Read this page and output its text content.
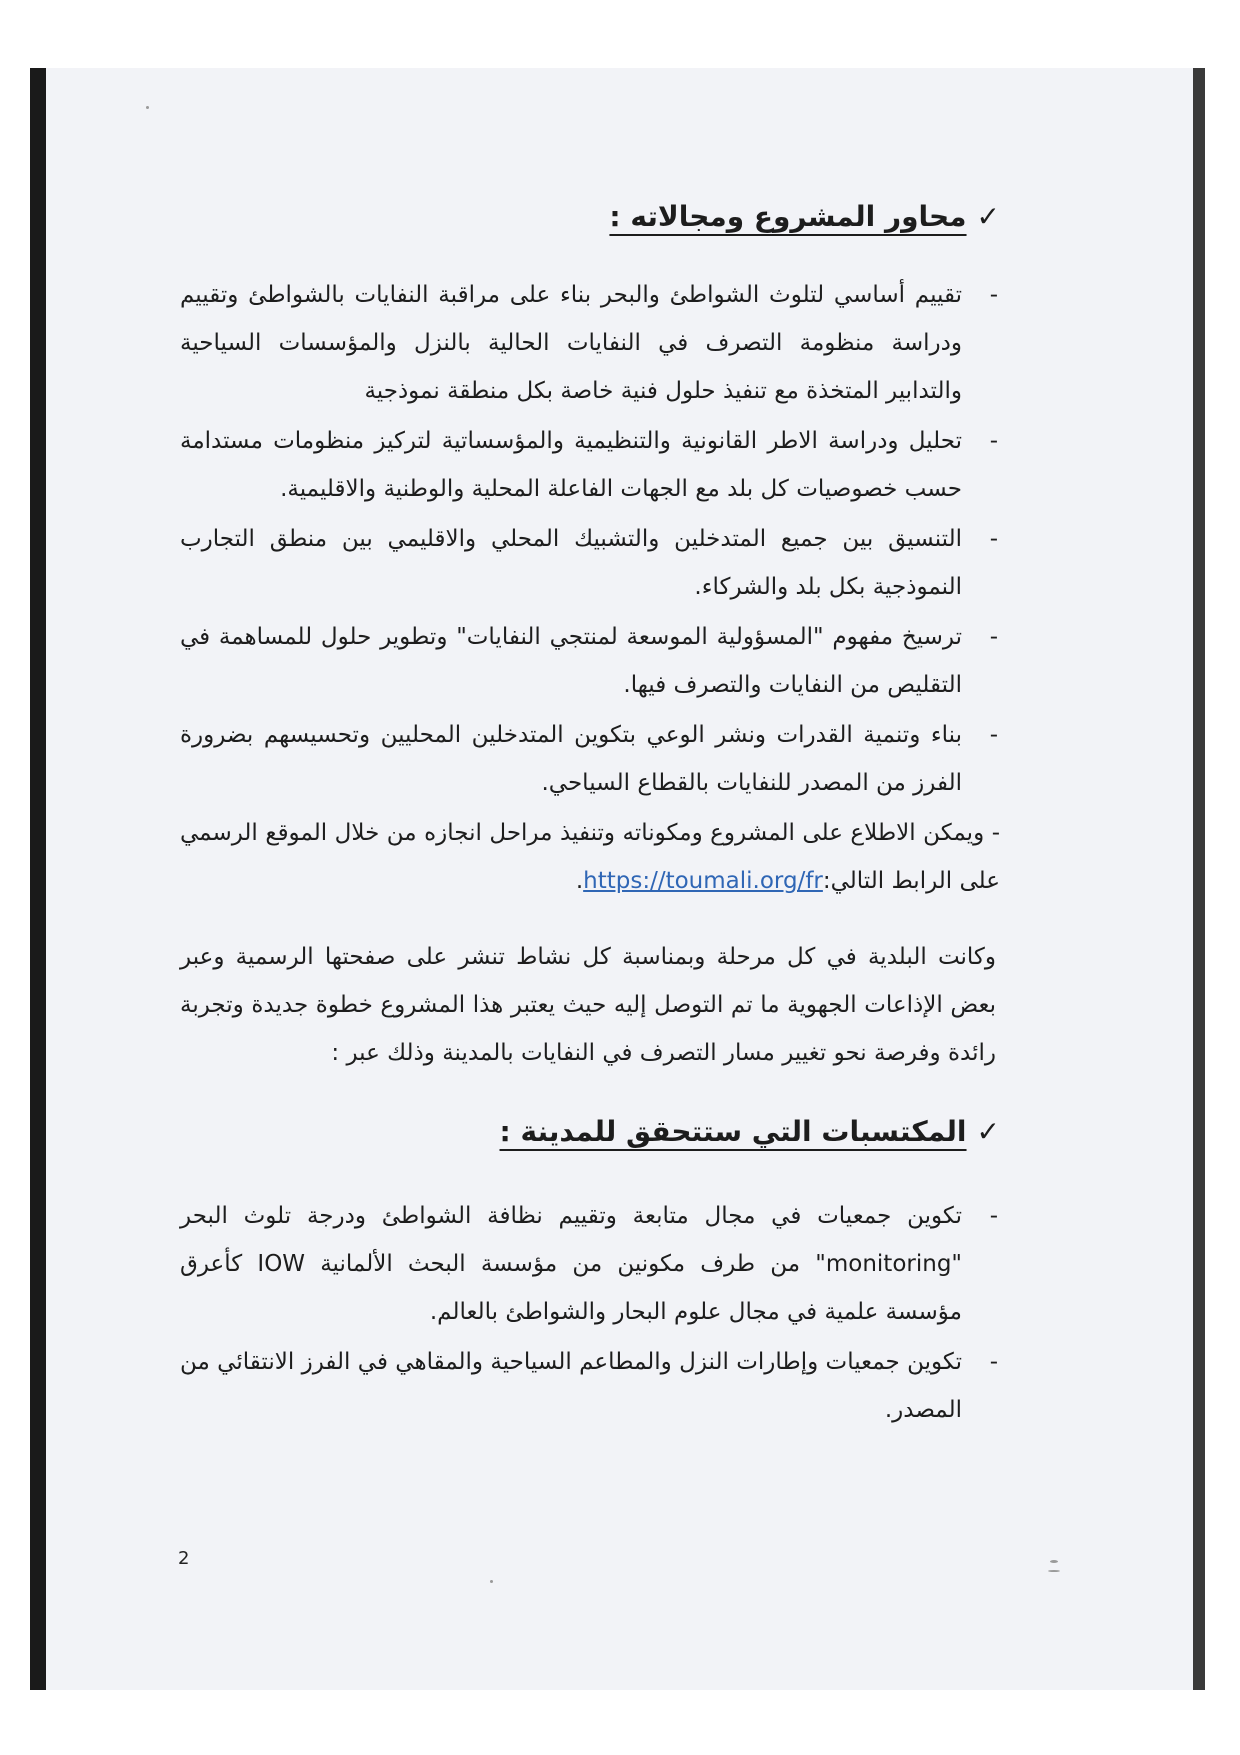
✓
محاور المشروع ومجالاته :
- تقييم أساسي لتلوث الشواطئ والبحر بناء على مراقبة النفايات بالشواطئ وتقييم ودراسة منظومة التصرف في النفايات الحالية بالنزل والمؤسسات السياحية والتدابير المتخذة مع تنفيذ حلول فنية خاصة بكل منطقة نموذجية
- تحليل ودراسة الاطر القانونية والتنظيمية والمؤسساتية لتركيز منظومات مستدامة حسب خصوصيات كل بلد مع الجهات الفاعلة المحلية والوطنية والاقليمية.
- التنسيق بين جميع المتدخلين والتشبيك المحلي والاقليمي بين منطق التجارب النموذجية بكل بلد والشركاء.
- ترسيخ مفهوم "المسؤولية الموسعة لمنتجي النفايات" وتطوير حلول للمساهمة في التقليص من النفايات والتصرف فيها.
- بناء وتنمية القدرات ونشر الوعي بتكوين المتدخلين المحليين وتحسيسهم بضرورة الفرز من المصدر للنفايات بالقطاع السياحي.
- ويمكن الاطلاع على المشروع ومكوناته وتنفيذ مراحل انجازه من خلال الموقع الرسمي على الرابط التالي:https://toumali.org/fr.
وكانت البلدية في كل مرحلة وبمناسبة كل نشاط تنشر على صفحتها الرسمية وعبر بعض الإذاعات الجهوية ما تم التوصل إليه حيث يعتبر هذا المشروع خطوة جديدة وتجربة رائدة وفرصة نحو تغيير مسار التصرف في النفايات بالمدينة وذلك عبر :
✓
المكتسبات التي ستتحقق للمدينة :
- تكوين جمعيات في مجال متابعة وتقييم نظافة الشواطئ ودرجة تلوث البحر "monitoring" من طرف مكونين من مؤسسة البحث الألمانية IOW كأعرق مؤسسة علمية في مجال علوم البحار والشواطئ بالعالم.
- تكوين جمعيات وإطارات النزل والمطاعم السياحية والمقاهي في الفرز الانتقائي من المصدر.
2
